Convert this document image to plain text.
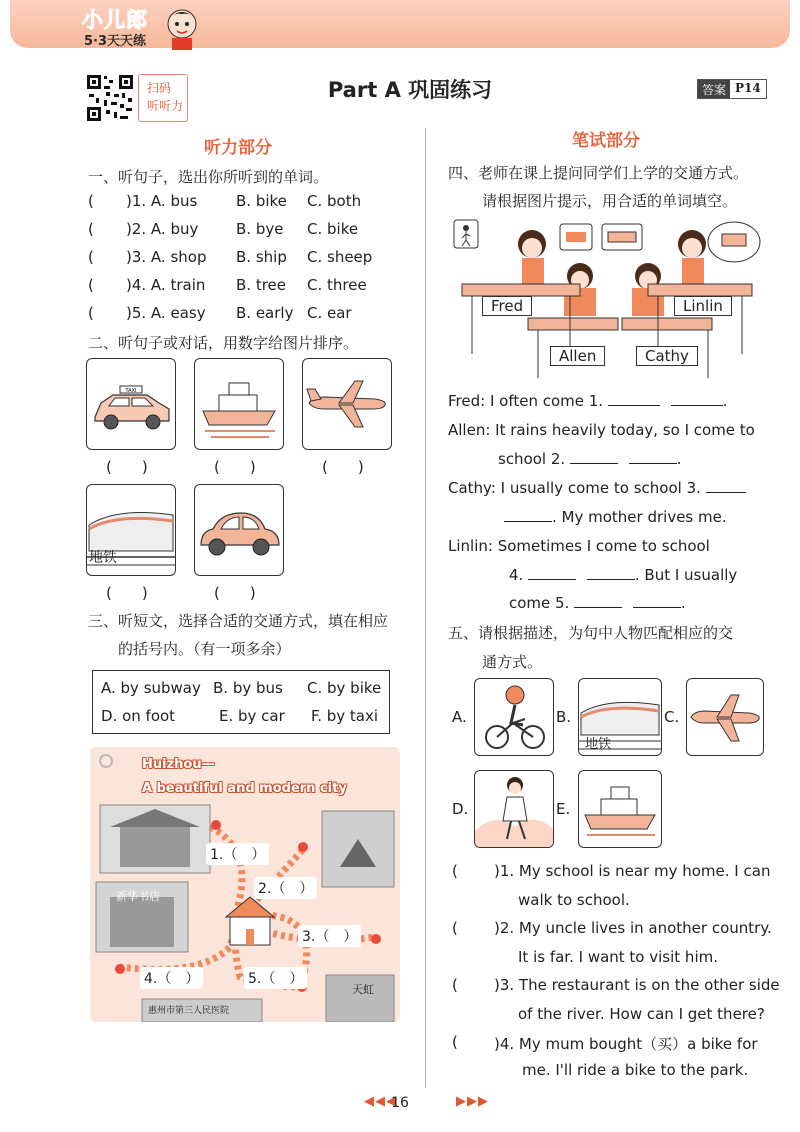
小儿郎
5·3天天练
扫码
听听力
Part A 巩固练习	答案 P14
听力部分
一、听句子，选出你所听到的单词。
( )1. A. bus	B. bike C. both
( )2. A. buy	B. bye C. bike
( )3. A. shop B. ship C. sheep
( )4. A. train B. tree C. three
( )5. A. easy B. early C. ear
二、听句子或对话，用数字给图片排序。
TAXI
(　　)	(　　)	(　　)
地铁
(　　)	(　　)
三、听短文，选择合适的交通方式，填在相应
的括号内。（有一项多余）
A. by subway B. by bus C. by bike
D. on foot	E. by car F. by taxi
Huizhou—
A beautiful and modern city
新华书店
惠州市第三人民医院
天虹
1.（　）
2.（　）
3.（　）
4.（　）	5.（　）
笔试部分
四、老师在课上提问同学们上学的交通方式。
请根据图片提示，用合适的单词填空。
Fred	Linlin
Allen	Cathy
Fred: I often come 1.	.
Allen: It rains heavily today, so I come to
school 2.	.
Cathy: I usually come to school 3.
. My mother drives me.
Linlin: Sometimes I come to school
4.	. But I usually
come 5.	.
五、请根据描述，为句中人物匹配相应的交
通方式。
A.	B.
地铁
C.
D.	E.
( )1. My school is near my home. I can
walk to school.
( )2. My uncle lives in another country.
It is far. I want to visit him.
( )3. The restaurant is on the other side
of the river. How can I get there?
( )4. My mum bought（买）a bike for
me. I'll ride a bike to the park.
◀◀◀
16	▶▶▶
